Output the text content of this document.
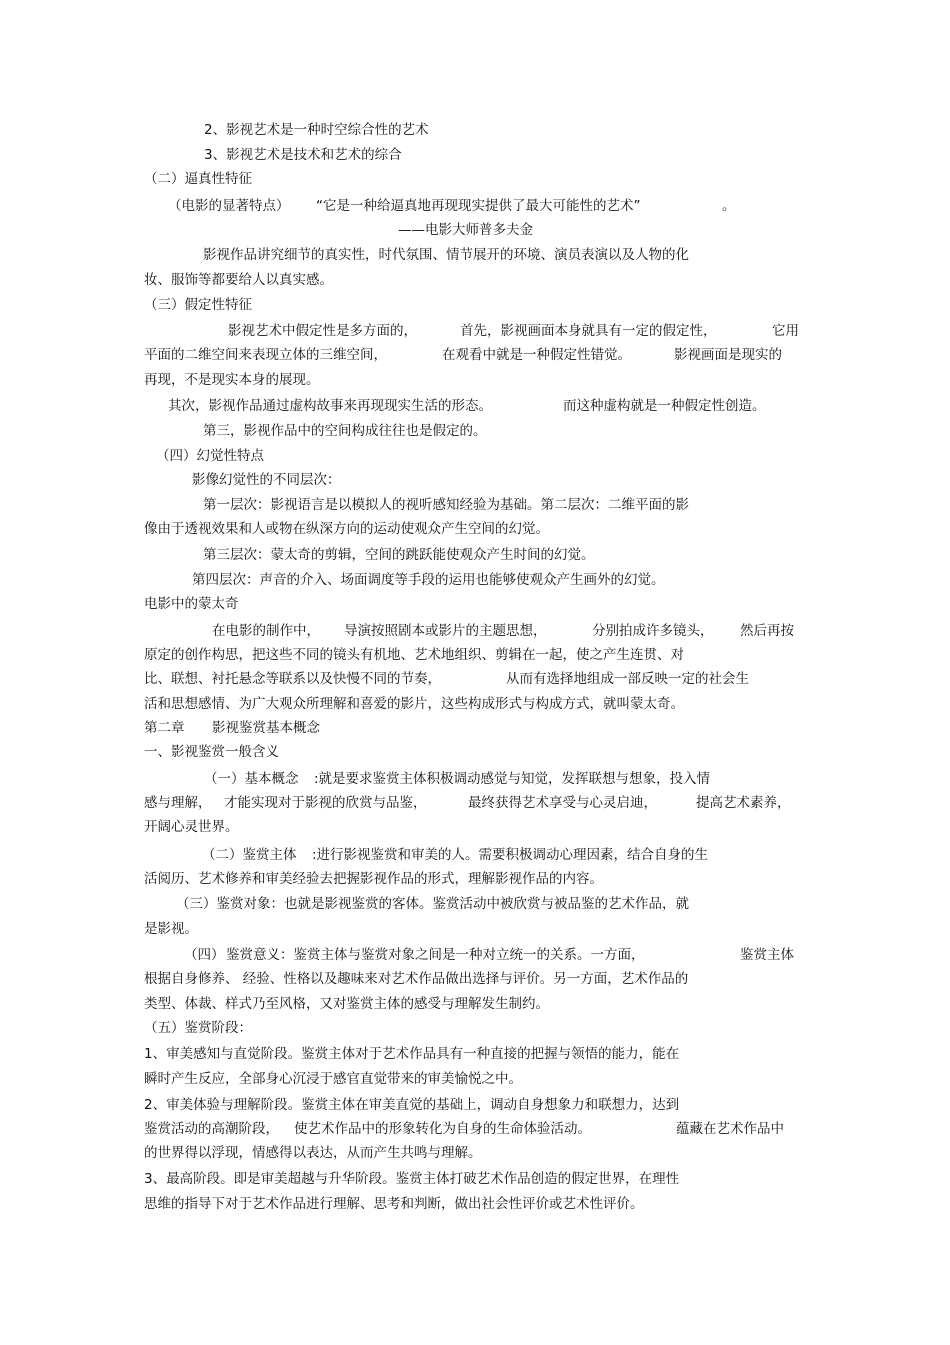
2、影视艺术是一种时空综合性的艺术
3、影视艺术是技术和艺术的综合
（二）逼真性特征
（电影的显著特点） “它是一种给逼真地再现现实提供了最大可能性的艺术”	。
——电影大师普多夫金
影视作品讲究细节的真实性，时代氛围、情节展开的环境、演员表演以及人物的化
妆、服饰等都要给人以真实感。
（三）假定性特征
影视艺术中假定性是多方面的，	首先，影视画面本身就具有一定的假定性，	它用
平面的二维空间来表现立体的三维空间，	在观看中就是一种假定性错觉。	影视画面是现实的
再现，不是现实本身的展现。
其次，影视作品通过虚构故事来再现现实生活的形态。	而这种虚构就是一种假定性创造。
第三，影视作品中的空间构成往往也是假定的。
（四）幻觉性特点
影像幻觉性的不同层次：
第一层次：影视语言是以模拟人的视听感知经验为基础。第二层次：二维平面的影
像由于透视效果和人或物在纵深方向的运动使观众产生空间的幻觉。
第三层次：蒙太奇的剪辑，空间的跳跃能使观众产生时间的幻觉。
第四层次：声音的介入、场面调度等手段的运用也能够使观众产生画外的幻觉。
电影中的蒙太奇
在电影的制作中， 导演按照剧本或影片的主题思想，	分别拍成许多镜头， 然后再按
原定的创作构思，把这些不同的镜头有机地、艺术地组织、剪辑在一起，使之产生连贯、对
比、联想、衬托悬念等联系以及快慢不同的节奏，	从而有选择地组成一部反映一定的社会生
活和思想感情、为广大观众所理解和喜爱的影片，这些构成形式与构成方式，就叫蒙太奇。
第二章 影视鉴赏基本概念
一、影视鉴赏一般含义
（一）基本概念 :就是要求鉴赏主体积极调动感觉与知觉，发挥联想与想象，投入情
感与理解， 才能实现对于影视的欣赏与品鉴，	最终获得艺术享受与心灵启迪，	提高艺术素养，
开阔心灵世界。
（二）鉴赏主体 :进行影视鉴赏和审美的人。需要积极调动心理因素，结合自身的生
活阅历、艺术修养和审美经验去把握影视作品的形式，理解影视作品的内容。
（三）鉴赏对象：也就是影视鉴赏的客体。鉴赏活动中被欣赏与被品鉴的艺术作品，就
是影视。
（四） 鉴赏意义：鉴赏主体与鉴赏对象之间是一种对立统一的关系。一方面，	鉴赏主体
根据自身修养、 经验、性格以及趣味来对艺术作品做出选择与评价。另一方面，艺术作品的
类型、体裁、样式乃至风格，又对鉴赏主体的感受与理解发生制约。
（五）鉴赏阶段：
1、审美感知与直觉阶段。鉴赏主体对于艺术作品具有一种直接的把握与领悟的能力，能在
瞬时产生反应，全部身心沉浸于感官直觉带来的审美愉悦之中。
2、审美体验与理解阶段。鉴赏主体在审美直觉的基础上，调动自身想象力和联想力，达到
鉴赏活动的高潮阶段， 使艺术作品中的形象转化为自身的生命体验活动。	蕴藏在艺术作品中
的世界得以浮现，情感得以表达，从而产生共鸣与理解。
3、最高阶段。即是审美超越与升华阶段。鉴赏主体打破艺术作品创造的假定世界，在理性
思维的指导下对于艺术作品进行理解、思考和判断，做出社会性评价或艺术性评价。
